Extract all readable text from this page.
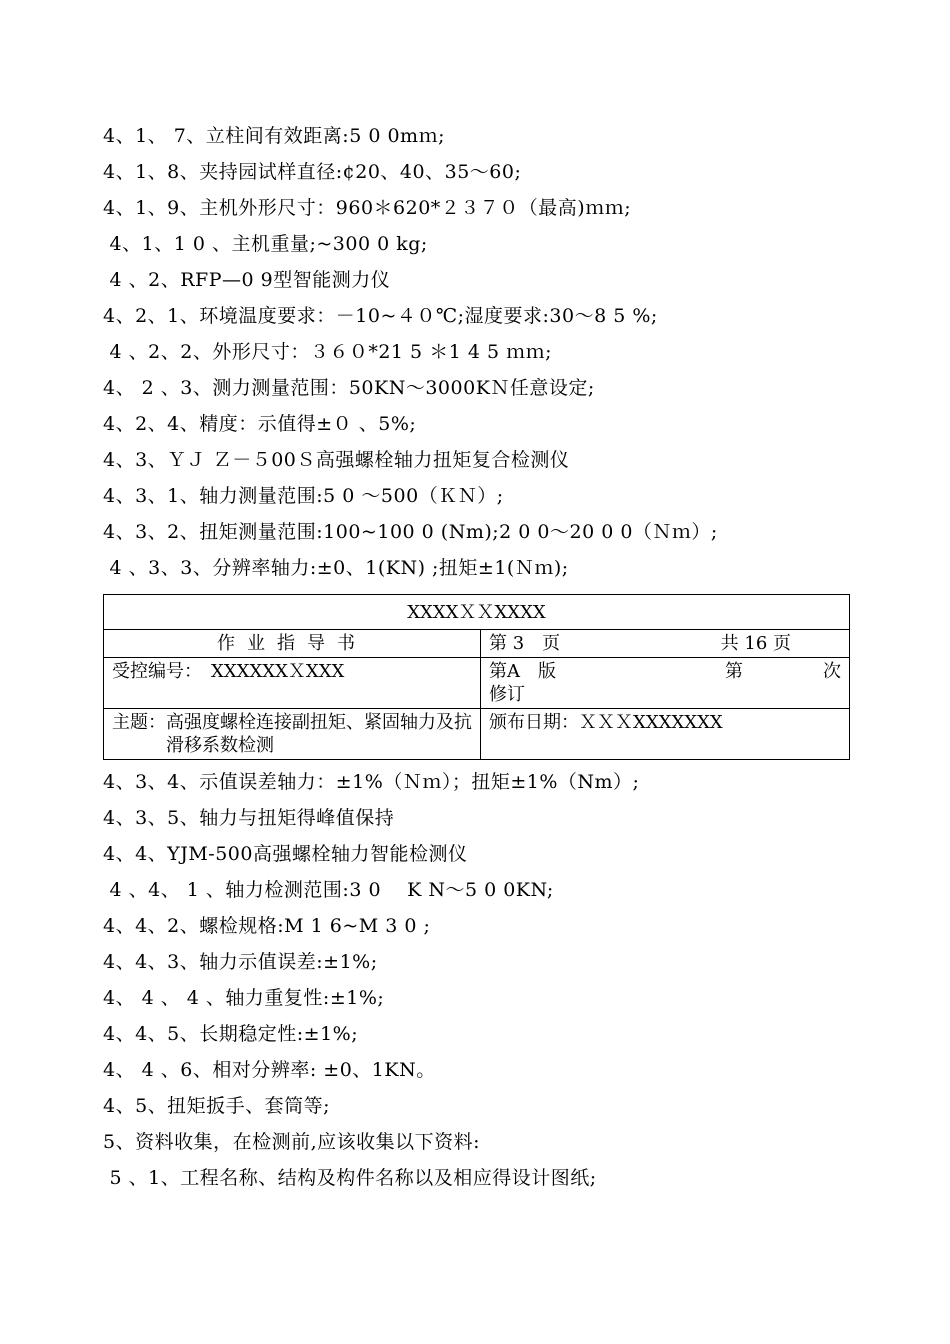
4、1、 7、立柱间有效距离:5 0 0mｍ;
4、1、8、夹持园试样直径:¢20、40、35～60;
4、1、9、主机外形尺寸：960＊620*２３７０（最高)ｍｍ;
4、1、1 0 、主机重量;~300 0 kg;
4 、2、RFP—0 9型智能测力仪
4、2、1、环境温度要求：－10~４０℃;湿度要求:30～8 5 %;
4 、2、2、外形尺寸：３６０*21 5 ＊1 4 5 ｍｍ;
4、 2 、3、测力测量范围：50KN～3000KＮ任意设定;
4、2、4、精度：示值得±０ 、5%;
4、3、ＹＪ Ｚ－５00Ｓ高强螺栓轴力扭矩复合检测仪
4、3、1、轴力测量范围:5 0 ～500（ＫＮ）;
4、3、2、扭矩测量范围:100~100 0 (Nm);2 0 0～20 0 0（Ｎｍ）;
4 、3、3、分辨率轴力:±0、1(KN) ;扭矩±1(Ｎｍ);
XXXXＸＸXXXX	
作业指导书	第 3　页 共 16 页

受控编号：　XXXXXXＸXXX	第A　版 第 次
修订

主题： 高强度螺栓连接副扭矩、紧固轴力及抗滑移系数检测	颁布日期：ＸＸＸXXXXXXX
4、3、4、示值误差轴力：±1%（Ｎｍ）；扭矩±1%（Nm）;
4、3、5、轴力与扭矩得峰值保持
4、4、YJM-500高强螺栓轴力智能检测仪
4 、4、 1 、轴力检测范围:3 0　 K N～5 0 0KN;
4、4、2、螺检规格:M 1 6~M 3 0 ;
4、4、3、轴力示值误差:±1%;
4、 4 、 4 、轴力重复性:±1%;
4、4、5、长期稳定性:±1%;
4、 4 、6、相对分辨率: ±0、1KN。
4、5、扭矩扳手、套筒等;
5、资料收集，在检测前,应该收集以下资料:
5 、1、工程名称、结构及构件名称以及相应得设计图纸;
